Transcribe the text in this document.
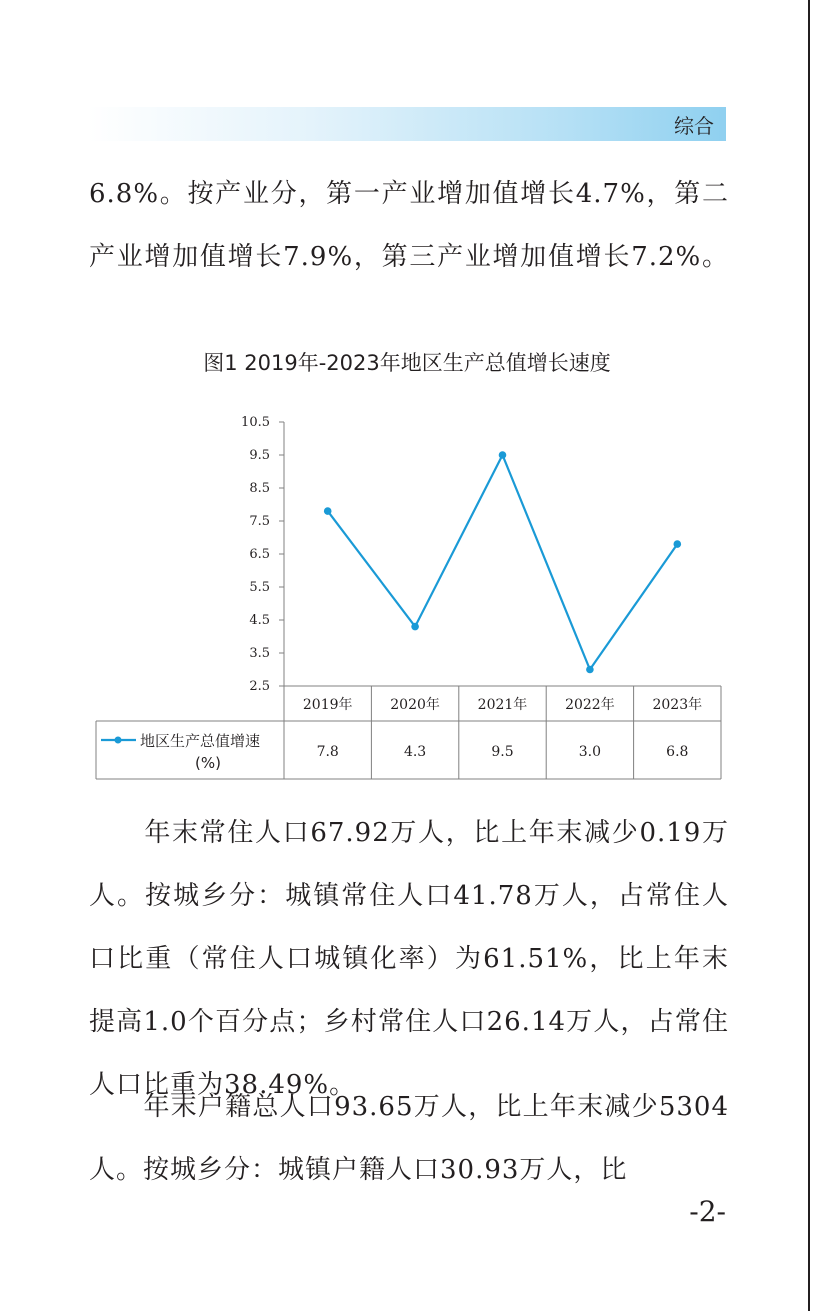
综合

6.8%。按产业分，第一产业增加值增长4.7%，第二产业增加值增长7.9%，第三产业增加值增长7.2%。

图1 2019年-2023年地区生产总值增长速度
10.5
9.5
8.5
7.5
6.5
5.5
4.5
3.5
2.5
2019年
7.8
2020年
4.3
2021年
9.5
2022年
3.0
2023年
6.8
地区生产总值增速
(%)

　　年末常住人口67.92万人，比上年末减少0.19万人。按城乡分：城镇常住人口41.78万人，占常住人口比重（常住人口城镇化率）为61.51%，比上年末提高1.0个百分点；乡村常住人口26.14万人，占常住人口比重为38.49%。

　　年末户籍总人口93.65万人，比上年末减少5304人。按城乡分：城镇户籍人口30.93万人，比

-2-
